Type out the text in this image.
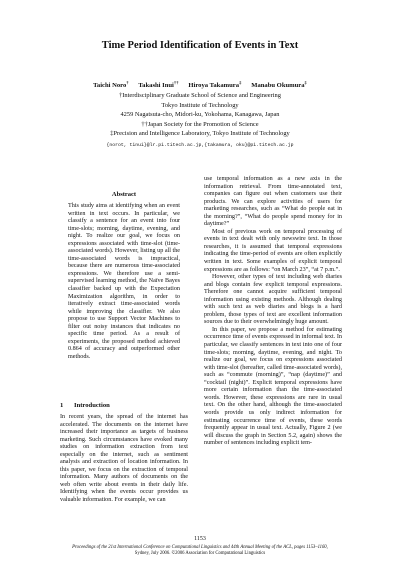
Time Period Identification of Events in Text
Taichi Noro† Takashi Inui†† Hiroya Takamura‡ Manabu Okumura‡
†Interdisciplinary Graduate School of Science and Engineering
Tokyo Institute of Technology
4259 Nagatsuta-cho, Midori-ku, Yokohama, Kanagawa, Japan
††Japan Society for the Promotion of Science
‡Precision and Intelligence Laboratory, Tokyo Institute of Technology
{norot, tinui}@lr.pi.titech.ac.jp,{takamura, oku}@pi.titech.ac.jp
Abstract

This study aims at identifying when an event written in text occurs. In particular, we classify a sentence for an event into four time-slots; morning, daytime, evening, and night. To realize our goal, we focus on expressions associated with time-slot (time-associated words). However, listing up all the time-associated words is impractical, because there are numerous time-associated expressions. We therefore use a semi-supervised learning method, the Naïve Bayes classifier backed up with the Expectation Maximization algorithm, in order to iteratively extract time-associated words while improving the classifier. We also propose to use Support Vector Machines to filter out noisy instances that indicates no specific time period. As a result of experiments, the proposed method achieved 0.864 of accuracy and outperformed other methods.

1 Introduction

In recent years, the spread of the internet has accelerated. The documents on the internet have increased their importance as targets of business marketing. Such circumstances have evoked many studies on information extraction from text especially on the internet, such as sentiment analysis and extraction of location information. In this paper, we focus on the extraction of temporal information. Many authors of documents on the web often write about events in their daily life. Identifying when the events occur provides us valuable information. For example, we can

use temporal information as a new axis in the information retrieval. From time-annotated text, companies can figure out when customers use their products. We can explore activities of users for marketing researches, such as “What do people eat in the morning?”, “What do people spend money for in daytime?”

Most of previous work on temporal processing of events in text dealt with only newswire text. In those researches, it is assumed that temporal expressions indicating the time-period of events are often explicitly written in text. Some examples of explicit temporal expressions are as follows: “on March 23”, “at 7 p.m.”.

However, other types of text including web diaries and blogs contain few explicit temporal expressions. Therefore one cannot acquire sufficient temporal information using existing methods. Although dealing with such text as web diaries and blogs is a hard problem, those types of text are excellent information sources due to their overwhelmingly huge amount.

In this paper, we propose a method for estimating occurrence time of events expressed in informal text. In particular, we classify sentences in text into one of four time-slots; morning, daytime, evening, and night. To realize our goal, we focus on expressions associated with time-slot (hereafter, called time-associated words), such as “commute (morning)”, “nap (daytime)” and “cocktail (night)”. Explicit temporal expressions have more certain information than the time-associated words. However, these expressions are rare in usual text. On the other hand, although the time-associated words provide us only indirect information for estimating occurrence time of events, these words frequently appear in usual text. Actually, Figure 2 (we will discuss the graph in Section 5.2, again) shows the number of sentences including explicit tem-

1153
Proceedings of the 21st International Conference on Computational Linguistics and 44th Annual Meeting of the ACL, pages 1153–1160,
Sydney, July 2006. ©2006 Association for Computational Linguistics
